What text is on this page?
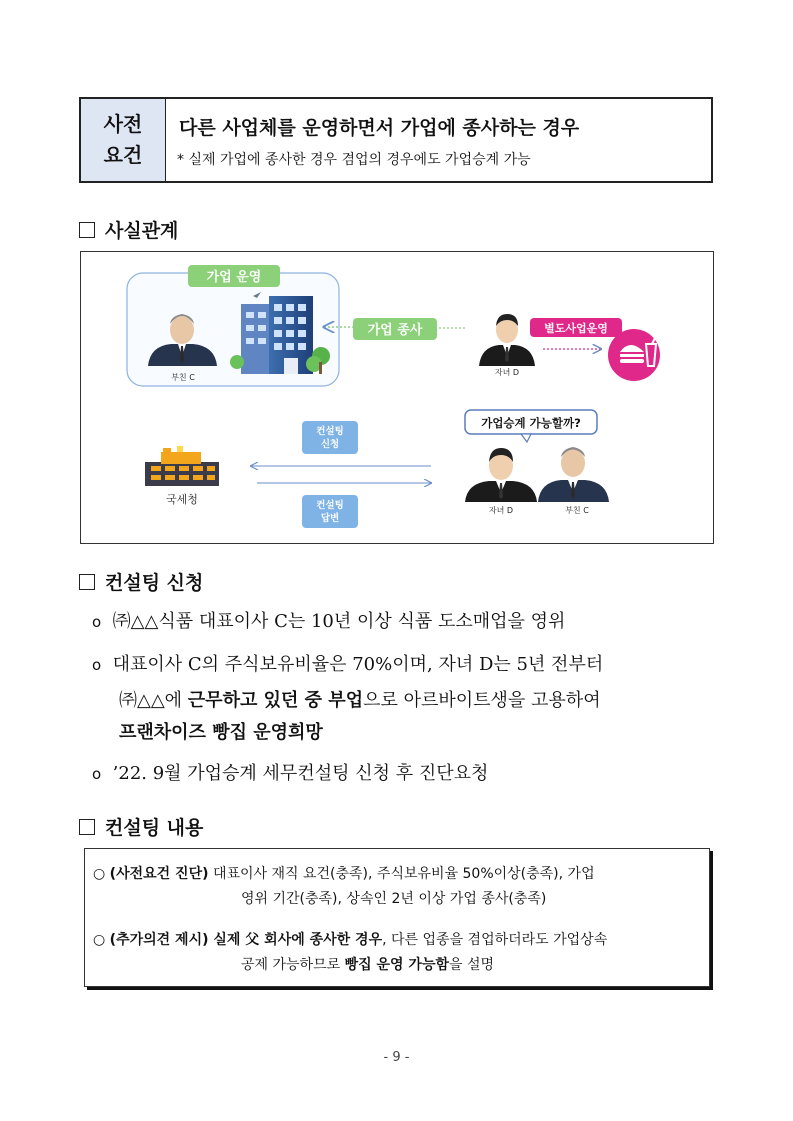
사전
요건
다른 사업체를 운영하면서 가업에 종사하는 경우
* 실제 가업에 종사한 경우 겸업의 경우에도 가업승계 가능
사실관계
가업 운영
부친 C
가업 종사
자녀 D
별도사업운영
가업승계 가능할까?
컨설팅
신청
컨설팅
답변
국세청
자녀 D	부친 C
컨설팅 신청
o ㈜△△식품 대표이사 C는 10년 이상 식품 도소매업을 영위
o 대표이사 C의 주식보유비율은 70%이며, 자녀 D는 5년 전부터
㈜△△에 근무하고 있던 중 부업으로 아르바이트생을 고용하여
프랜차이즈 빵집 운영희망
o ’22. 9월 가업승계 세무컨설팅 신청 후 진단요청
컨설팅 내용
○ (사전요건 진단) 대표이사 재직 요건(충족), 주식보유비율 50%이상(충족), 가업
영위 기간(충족), 상속인 2년 이상 가업 종사(충족)
○ (추가의견 제시) 실제 父 회사에 종사한 경우, 다른 업종을 겸업하더라도 가업상속
공제 가능하므로 빵집 운영 가능함을 설명
- 9 -
